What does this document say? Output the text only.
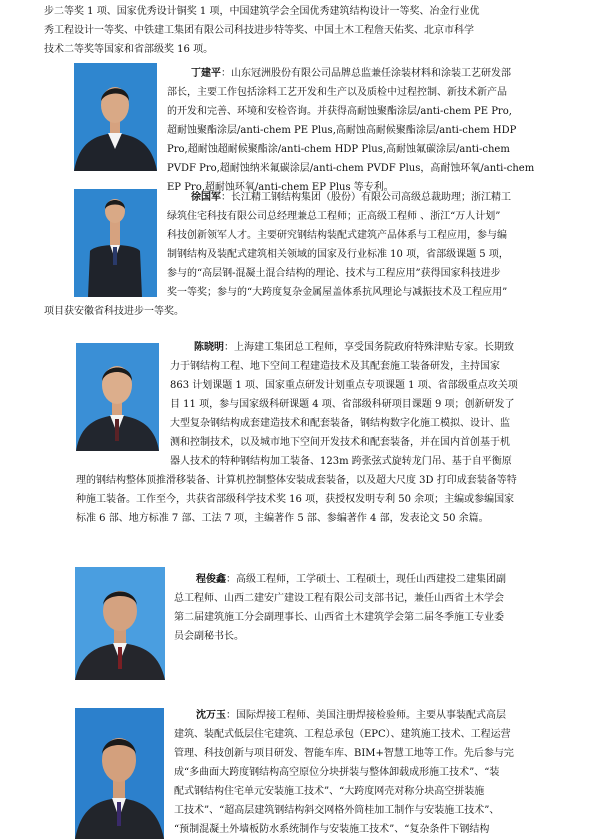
步二等奖 1 项、国家优秀设计铜奖 1 项，中国建筑学会全国优秀建筑结构设计一等奖、冶金行业优

秀工程设计一等奖、中铁建工集团有限公司科技进步特等奖、中国土木工程詹天佑奖、北京市科学

技术二等奖等国家和省部级奖 16 项。

丁建平：山东冠洲股份有限公司品牌总监兼任涂装材料和涂装工艺研发部

部长，主要工作包括涂料工艺开发和生产以及质检中过程控制、新技术新产品

的开发和完善、环境和安检咨询。并获得高耐蚀聚酯涂层/anti-chem PE Pro,

超耐蚀聚酯涂层/anti-chem PE Plus,高耐蚀高耐候聚酯涂层/anti-chem HDP

Pro,超耐蚀超耐候聚酯涂/anti-chem HDP Plus,高耐蚀氟碳涂层/anti-chem

PVDF Pro,超耐蚀纳米氟碳涂层/anti-chem PVDF Plus，高耐蚀环氧/anti-chem

EP Pro,超耐蚀环氧/anti-chem EP Plus 等专利。

徐国军：长江精工钢结构集团（股份）有限公司高级总裁助理；浙江精工

绿筑住宅科技有限公司总经理兼总工程师；正高级工程师 、浙江“万人计划”

科技创新领军人才。主要研究钢结构装配式建筑产品体系与工程应用，参与编

制钢结构及装配式建筑相关领域的国家及行业标准 10 项，省部级课题 5 项，

参与的“高层钢-混凝土混合结构的理论、技术与工程应用”获得国家科技进步

奖一等奖；参与的“大跨度复杂金属屋盖体系抗风理论与减振技术及工程应用”

项目获安徽省科技进步一等奖。

陈晓明：上海建工集团总工程师，享受国务院政府特殊津贴专家。长期致

力于钢结构工程、地下空间工程建造技术及其配套施工装备研发，主持国家

863 计划课题 1 项、国家重点研发计划重点专项课题 1 项、省部级重点攻关项

目 11 项，参与国家级科研课题 4 项、省部级科研项目课题 9 项；创新研发了

大型复杂钢结构成套建造技术和配套装备，钢结构数字化施工模拟、设计、监

测和控制技术，以及城市地下空间开发技术和配套装备，并在国内首创基于机

器人技术的特种钢结构加工装备、123m 跨张弦式旋转龙门吊、基于自平衡原

理的钢结构整体顶推滑移装备、计算机控制整体安装成套装备，以及超大尺度 3D 打印成套装备等特

种施工装备。工作至今，共获省部级科学技术奖 16 项，获授权发明专利 50 余项；主编或参编国家

标准 6 部、地方标准 7 部、工法 7 项，主编著作 5 部、参编著作 4 部，发表论文 50 余篇。

程俊鑫：高级工程师，工学硕士、工程硕士，现任山西建投二建集团副

总工程师、山西二建安广建设工程有限公司支部书记，兼任山西省土木学会

第二届建筑施工分会副理事长、山西省土木建筑学会第二届冬季施工专业委

员会副秘书长。

沈万玉：国际焊接工程师、美国注册焊接检验师。主要从事装配式高层

建筑、装配式低层住宅建筑、工程总承包（EPC）、建筑施工技术、工程运营

管理、科技创新与项目研发、智能车库、BIM+智慧工地等工作。先后参与完

成“多曲面大跨度钢结构高空原位分块拼装与整体卸载成形施工技术”、“装

配式钢结构住宅单元安装施工技术”、“大跨度网壳对称分块高空拼装施

工技术”、“超高层建筑钢结构斜交网格外筒桂加工制作与安装施工技术”、

“预制混凝土外墙板防水系统制作与安装施工技术”、“复杂条件下钢结构
